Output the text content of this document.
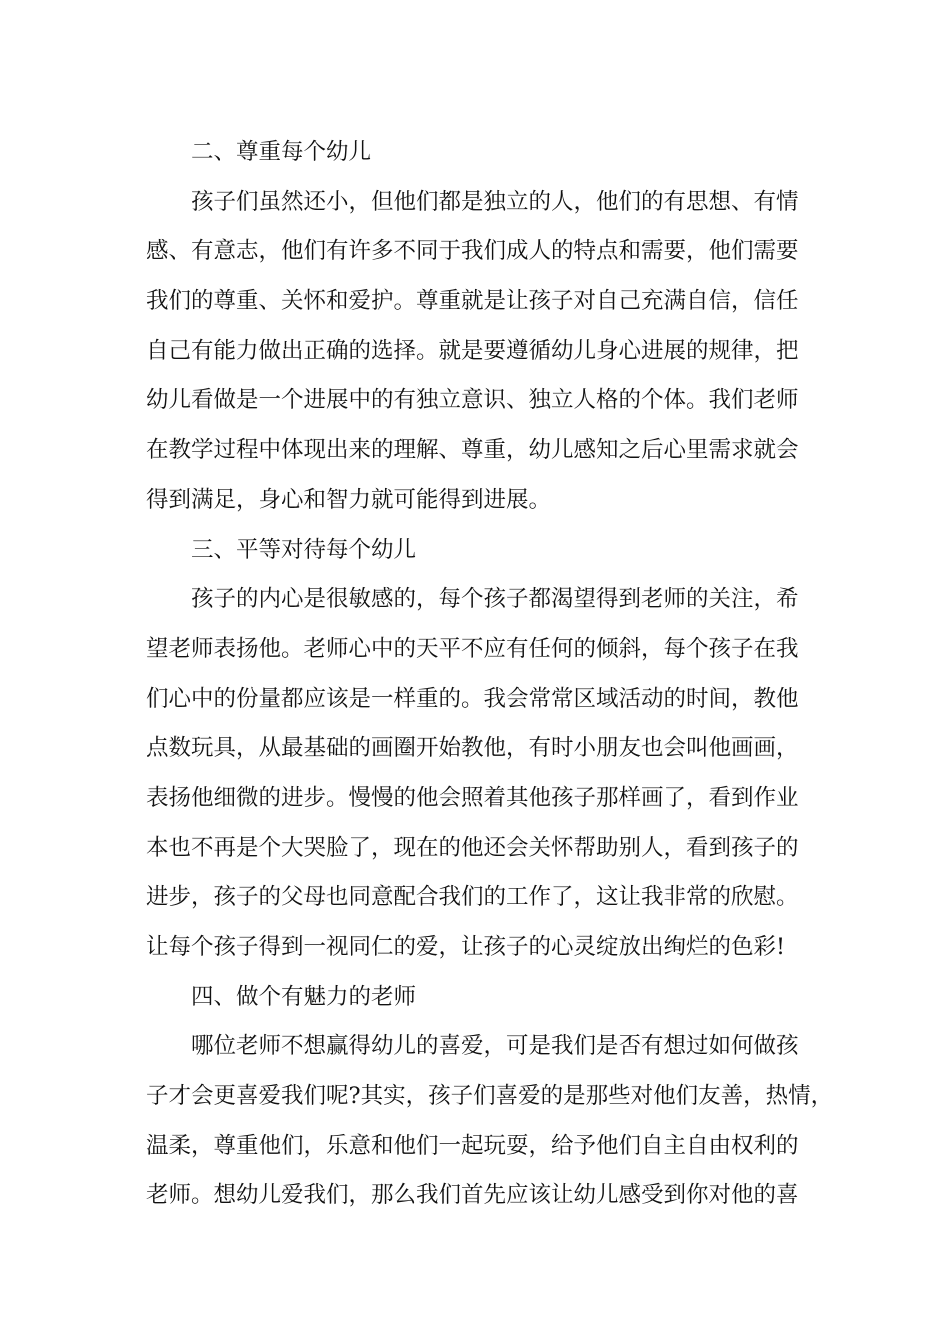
二、尊重每个幼儿
孩子们虽然还小，但他们都是独立的人，他们的有思想、有情
感、有意志，他们有许多不同于我们成人的特点和需要，他们需要
我们的尊重、关怀和爱护。尊重就是让孩子对自己充满自信，信任
自己有能力做出正确的选择。就是要遵循幼儿身心进展的规律，把
幼儿看做是一个进展中的有独立意识、独立人格的个体。我们老师
在教学过程中体现出来的理解、尊重，幼儿感知之后心里需求就会
得到满足，身心和智力就可能得到进展。
三、平等对待每个幼儿
孩子的内心是很敏感的，每个孩子都渴望得到老师的关注，希
望老师表扬他。老师心中的天平不应有任何的倾斜，每个孩子在我
们心中的份量都应该是一样重的。我会常常区域活动的时间，教他
点数玩具，从最基础的画圈开始教他，有时小朋友也会叫他画画，
表扬他细微的进步。慢慢的他会照着其他孩子那样画了，看到作业
本也不再是个大哭脸了，现在的他还会关怀帮助别人，看到孩子的
进步，孩子的父母也同意配合我们的工作了，这让我非常的欣慰。
让每个孩子得到一视同仁的爱，让孩子的心灵绽放出绚烂的色彩!
四、做个有魅力的老师
哪位老师不想赢得幼儿的喜爱，可是我们是否有想过如何做孩
子才会更喜爱我们呢?其实，孩子们喜爱的是那些对他们友善，热情，
温柔，尊重他们，乐意和他们一起玩耍，给予他们自主自由权利的
老师。想幼儿爱我们，那么我们首先应该让幼儿感受到你对他的喜
